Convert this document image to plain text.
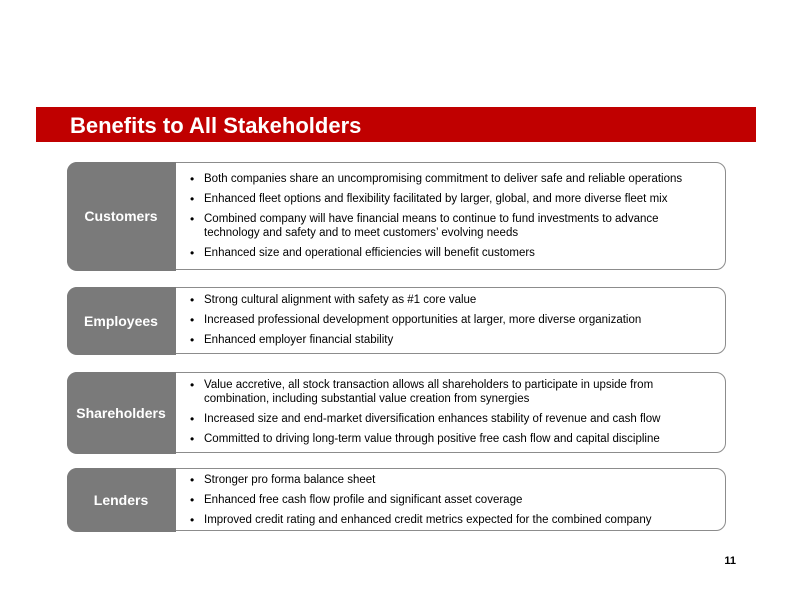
Benefits to All Stakeholders
Customers
• Both companies share an uncompromising commitment to deliver safe and reliable operations
• Enhanced fleet options and flexibility facilitated by larger, global, and more diverse fleet mix
• Combined company will have financial means to continue to fund investments to advance technology and safety and to meet customers’ evolving needs
• Enhanced size and operational efficiencies will benefit customers
Employees
• Strong cultural alignment with safety as #1 core value
• Increased professional development opportunities at larger, more diverse organization
• Enhanced employer financial stability
Shareholders
• Value accretive, all stock transaction allows all shareholders to participate in upside from combination, including substantial value creation from synergies
• Increased size and end-market diversification enhances stability of revenue and cash flow
• Committed to driving long-term value through positive free cash flow and capital discipline
Lenders
• Stronger pro forma balance sheet
• Enhanced free cash flow profile and significant asset coverage
• Improved credit rating and enhanced credit metrics expected for the combined company
11
